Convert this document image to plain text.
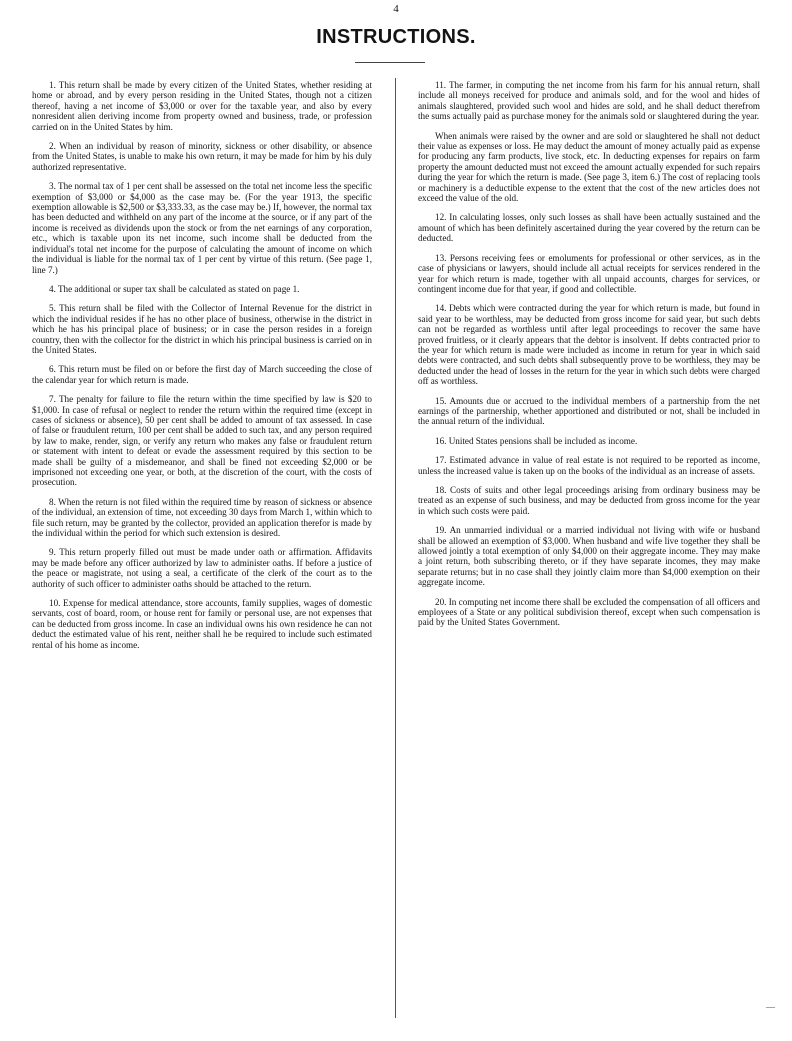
4
INSTRUCTIONS.

1. This return shall be made by every citizen of the United States, whether residing at home or abroad, and by every person residing in the United States, though not a citizen thereof, having a net income of $3,000 or over for the taxable year, and also by every nonresident alien deriving income from property owned and business, trade, or profession carried on in the United States by him.

2. When an individual by reason of minority, sickness or other disability, or absence from the United States, is unable to make his own return, it may be made for him by his duly authorized representative.

3. The normal tax of 1 per cent shall be assessed on the total net income less the specific exemption of $3,000 or $4,000 as the case may be. (For the year 1913, the specific exemption allowable is $2,500 or $3,333.33, as the case may be.) If, however, the normal tax has been deducted and withheld on any part of the income at the source, or if any part of the income is received as dividends upon the stock or from the net earnings of any corporation, etc., which is taxable upon its net income, such income shall be deducted from the individual's total net income for the purpose of calculating the amount of income on which the individual is liable for the normal tax of 1 per cent by virtue of this return. (See page 1, line 7.)

4. The additional or super tax shall be calculated as stated on page 1.

5. This return shall be filed with the Collector of Internal Revenue for the district in which the individual resides if he has no other place of business, otherwise in the district in which he has his principal place of business; or in case the person resides in a foreign country, then with the collector for the district in which his principal business is carried on in the United States.

6. This return must be filed on or before the first day of March succeeding the close of the calendar year for which return is made.

7. The penalty for failure to file the return within the time specified by law is $20 to $1,000. In case of refusal or neglect to render the return within the required time (except in cases of sickness or absence), 50 per cent shall be added to amount of tax assessed. In case of false or fraudulent return, 100 per cent shall be added to such tax, and any person required by law to make, render, sign, or verify any return who makes any false or fraudulent return or statement with intent to defeat or evade the assessment required by this section to be made shall be guilty of a misdemeanor, and shall be fined not exceeding $2,000 or be imprisoned not exceeding one year, or both, at the discretion of the court, with the costs of prosecution.

8. When the return is not filed within the required time by reason of sickness or absence of the individual, an extension of time, not exceeding 30 days from March 1, within which to file such return, may be granted by the collector, provided an application therefor is made by the individual within the period for which such extension is desired.

9. This return properly filled out must be made under oath or affirmation. Affidavits may be made before any officer authorized by law to administer oaths. If before a justice of the peace or magistrate, not using a seal, a certificate of the clerk of the court as to the authority of such officer to administer oaths should be attached to the return.

10. Expense for medical attendance, store accounts, family supplies, wages of domestic servants, cost of board, room, or house rent for family or personal use, are not expenses that can be deducted from gross income. In case an individual owns his own residence he can not deduct the estimated value of his rent, neither shall he be required to include such estimated rental of his home as income.

11. The farmer, in computing the net income from his farm for his annual return, shall include all moneys received for produce and animals sold, and for the wool and hides of animals slaughtered, provided such wool and hides are sold, and he shall deduct therefrom the sums actually paid as purchase money for the animals sold or slaughtered during the year.

When animals were raised by the owner and are sold or slaughtered he shall not deduct their value as expenses or loss. He may deduct the amount of money actually paid as expense for producing any farm products, live stock, etc. In deducting expenses for repairs on farm property the amount deducted must not exceed the amount actually expended for such repairs during the year for which the return is made. (See page 3, item 6.) The cost of replacing tools or machinery is a deductible expense to the extent that the cost of the new articles does not exceed the value of the old.

12. In calculating losses, only such losses as shall have been actually sustained and the amount of which has been definitely ascertained during the year covered by the return can be deducted.

13. Persons receiving fees or emoluments for professional or other services, as in the case of physicians or lawyers, should include all actual receipts for services rendered in the year for which return is made, together with all unpaid accounts, charges for services, or contingent income due for that year, if good and collectible.

14. Debts which were contracted during the year for which return is made, but found in said year to be worthless, may be deducted from gross income for said year, but such debts can not be regarded as worthless until after legal proceedings to recover the same have proved fruitless, or it clearly appears that the debtor is insolvent. If debts contracted prior to the year for which return is made were included as income in return for year in which said debts were contracted, and such debts shall subsequently prove to be worthless, they may be deducted under the head of losses in the return for the year in which such debts were charged off as worthless.

15. Amounts due or accrued to the individual members of a partnership from the net earnings of the partnership, whether apportioned and distributed or not, shall be included in the annual return of the individual.

16. United States pensions shall be included as income.

17. Estimated advance in value of real estate is not required to be reported as income, unless the increased value is taken up on the books of the individual as an increase of assets.

18. Costs of suits and other legal proceedings arising from ordinary business may be treated as an expense of such business, and may be deducted from gross income for the year in which such costs were paid.

19. An unmarried individual or a married individual not living with wife or husband shall be allowed an exemption of $3,000. When husband and wife live together they shall be allowed jointly a total exemption of only $4,000 on their aggregate income. They may make a joint return, both subscribing thereto, or if they have separate incomes, they may make separate returns; but in no case shall they jointly claim more than $4,000 exemption on their aggregate income.

20. In computing net income there shall be excluded the compensation of all officers and employees of a State or any political subdivision thereof, except when such compensation is paid by the United States Government.

—
